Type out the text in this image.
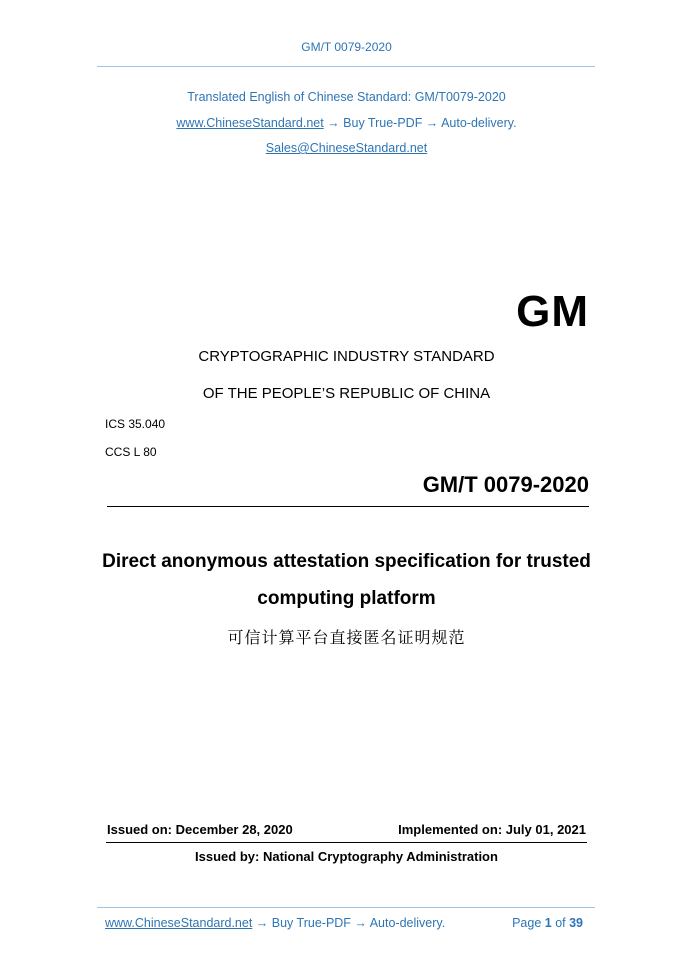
GM/T 0079-2020
Translated English of Chinese Standard: GM/T0079-2020
www.ChineseStandard.net → Buy True-PDF → Auto-delivery.
Sales@ChineseStandard.net
GM
CRYPTOGRAPHIC INDUSTRY STANDARD
OF THE PEOPLE’S REPUBLIC OF CHINA
ICS 35.040
CCS L 80
GM/T 0079-2020
Direct anonymous attestation specification for trusted
computing platform
可信计算平台直接匿名证明规范
Issued on: December 28, 2020	Implemented on: July 01, 2021
Issued by: National Cryptography Administration
www.ChineseStandard.net → Buy True-PDF → Auto-delivery.	Page 1 of 39
